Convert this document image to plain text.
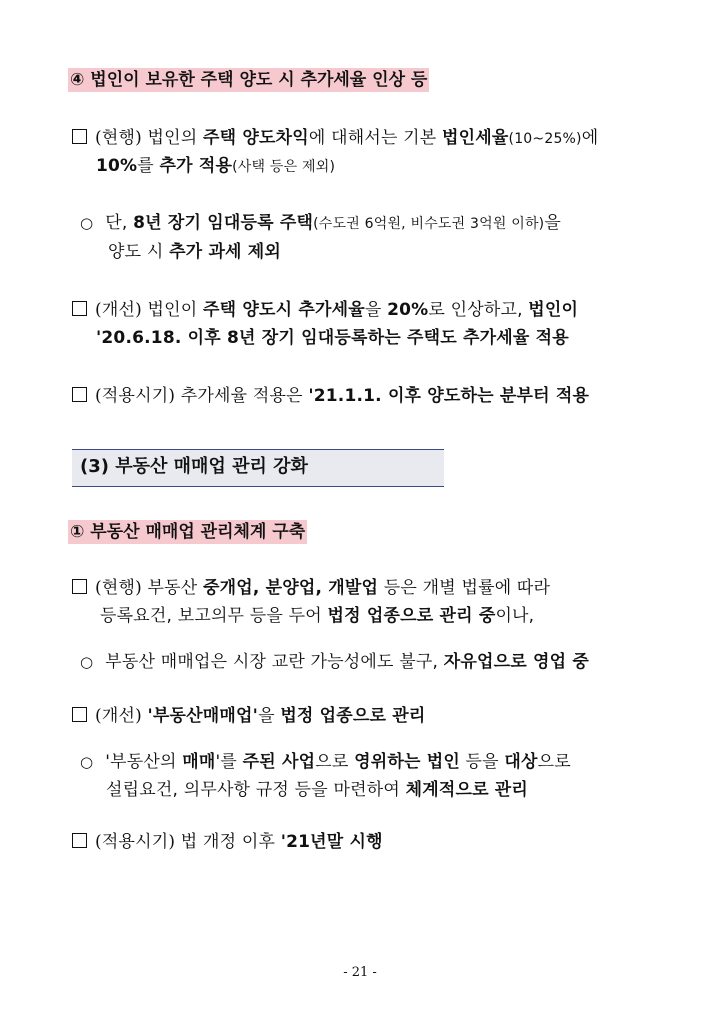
④ 법인이 보유한 주택 양도 시 추가세율 인상 등
(현행) 법인의 주택 양도차익에 대해서는 기본 법인세율(10~25%)에
10%를 추가 적용(사택 등은 제외)
○ 단, 8년 장기 임대등록 주택(수도권 6억원, 비수도권 3억원 이하)을
양도 시 추가 과세 제외
(개선) 법인이 주택 양도시 추가세율을 20%로 인상하고, 법인이
'20.6.18. 이후 8년 장기 임대등록하는 주택도 추가세율 적용
(적용시기) 추가세율 적용은 '21.1.1. 이후 양도하는 분부터 적용
(3) 부동산 매매업 관리 강화
① 부동산 매매업 관리체계 구축
(현행) 부동산 중개업, 분양업, 개발업 등은 개별 법률에 따라
등록요건, 보고의무 등을 두어 법정 업종으로 관리 중이나,
○ 부동산 매매업은 시장 교란 가능성에도 불구, 자유업으로 영업 중
(개선) '부동산매매업'을 법정 업종으로 관리
○ '부동산의 매매'를 주된 사업으로 영위하는 법인 등을 대상으로
설립요건, 의무사항 규정 등을 마련하여 체계적으로 관리
(적용시기) 법 개정 이후 '21년말 시행
- 21 -
